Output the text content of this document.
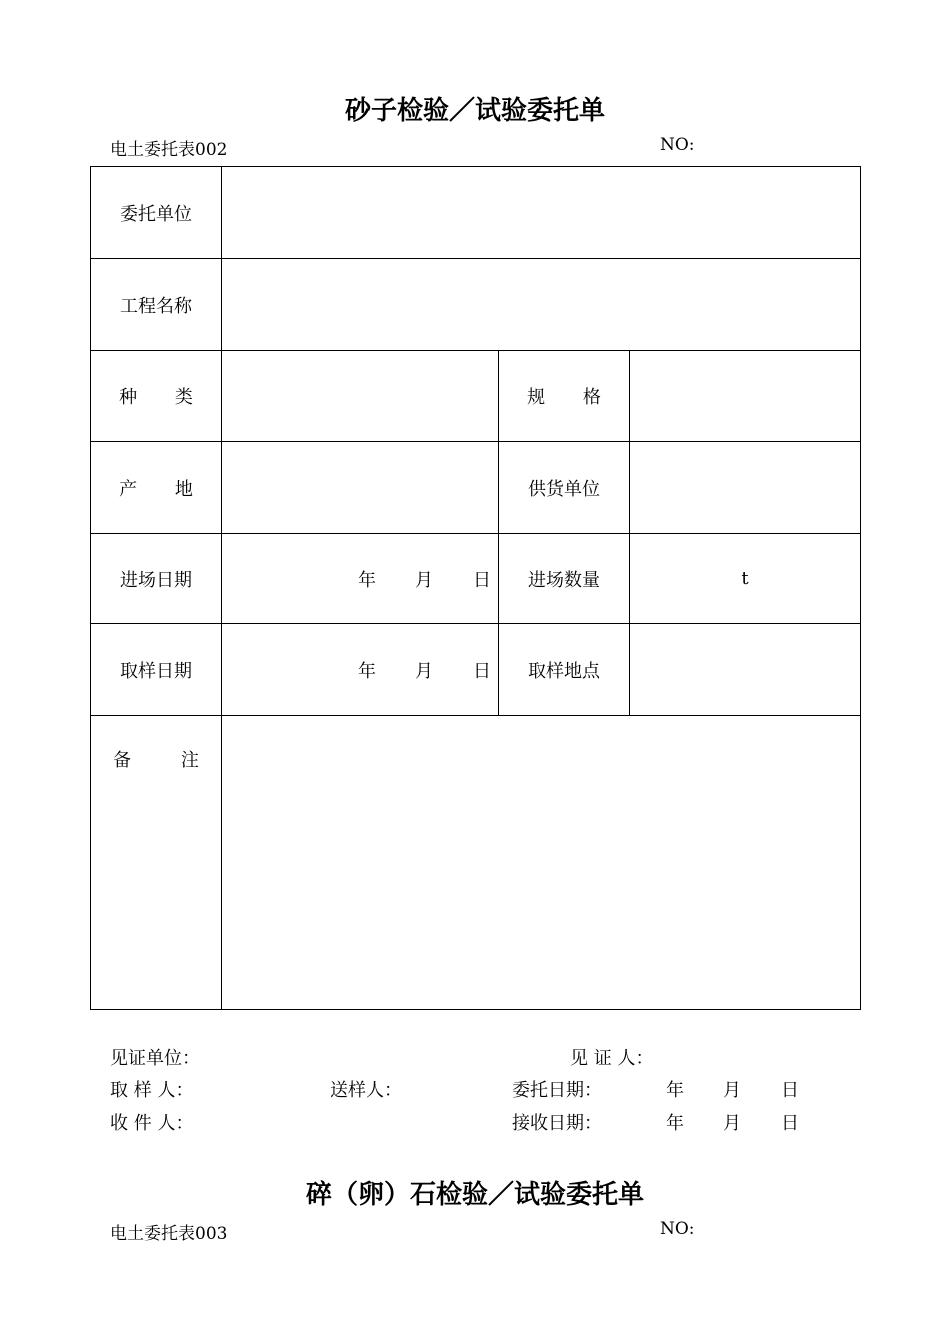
砂子检验／试验委托单
电土委托表002	NO:
委托单位			
工程名称			
种 类		规 格	
产 地		供货单位	
进场日期	年 月 日	进场数量	t
取样日期	年 月 日	取样地点	
备 注			
见证单位：	见 证 人：
取 样 人：	送样人：	委托日期：	年 月 日
收 件 人：	接收日期：	年 月 日
碎（卵）石检验／试验委托单
电土委托表003	NO:
